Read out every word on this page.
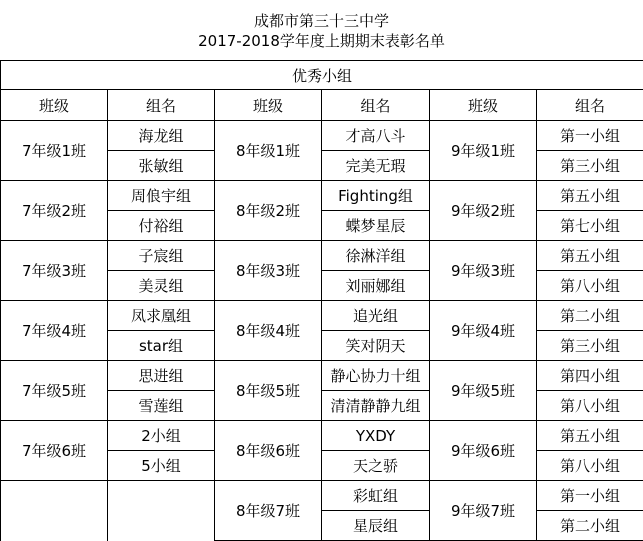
成都市第三十三中学
2017-2018学年度上期期末表彰名单
优秀小组					
班级	组名	班级	组名	班级	组名
7年级1班	海龙组	8年级1班	才高八斗	9年级1班	第一小组
	张敏组		完美无瑕		第三小组
7年级2班	周俍宇组	8年级2班	Fighting组	9年级2班	第五小组
	付裕组		蝶梦星辰		第七小组
7年级3班	子宸组	8年级3班	徐淋洋组	9年级3班	第五小组
	美灵组		刘丽娜组		第八小组
7年级4班	凤求凰组	8年级4班	追光组	9年级4班	第二小组
	star组		笑对阴天		第三小组
7年级5班	思进组	8年级5班	静心协力十组	9年级5班	第四小组
	雪莲组		清清静静九组		第八小组
7年级6班	2小组	8年级6班	YXDY	9年级6班	第五小组
	5小组		天之骄		第八小组
		8年级7班	彩虹组	9年级7班	第一小组
			星辰组		第二小组
